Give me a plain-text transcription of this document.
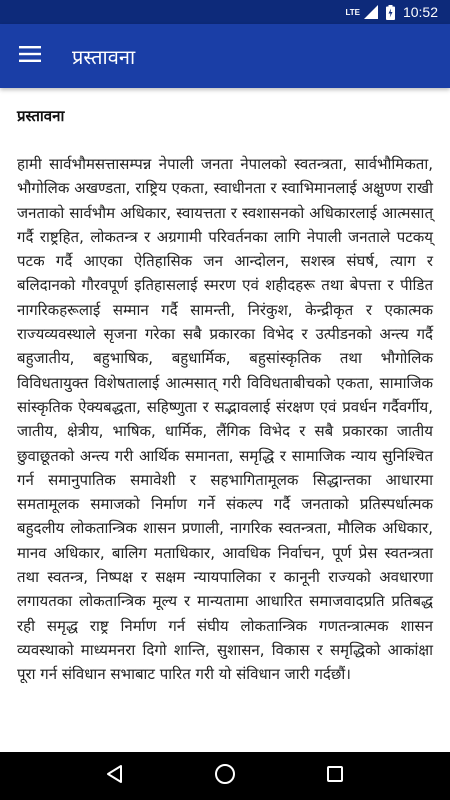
LTE	10:52
प्रस्तावना
प्रस्तावना

हामी सार्वभौमसत्तासम्पन्न नेपाली जनता नेपालको स्वतन्त्रता, सार्वभौमिकता, भौगोलिक अखण्डता, राष्ट्रिय एकता, स्वाधीनता र स्वाभिमानलाई अक्षुण्ण राखी जनताको सार्वभौम अधिकार, स्वायत्तता र स्वशासनको अधिकारलाई आत्मसात् गर्दै राष्ट्रहित, लोकतन्त्र र अग्रगामी परिवर्तनका लागि नेपाली जनताले पटकय्‌ पटक गर्दै आएका ऐतिहासिक जन आन्दोलन, सशस्त्र संघर्ष, त्याग र बलिदानको गौरवपूर्ण इतिहासलाई स्मरण एवं शहीदहरू तथा बेपत्ता र पीडित नागरिकहरूलाई सम्मान गर्दै सामन्ती, निरंकुश, केन्द्रीकृत र एकात्मक राज्यव्यवस्थाले सृजना गरेका सबै प्रकारका विभेद र उत्पीडनको अन्त्य गर्दै बहुजातीय, बहुभाषिक, बहुधार्मिक, बहुसांस्कृतिक तथा भौगोलिक विविधतायुक्त विशेषतालाई आत्मसात् गरी विविधताबीचको एकता, सामाजिक सांस्कृतिक ऐक्यबद्धता, सहिष्णुता र सद्भावलाई संरक्षण एवं प्रवर्धन गर्दैवर्गीय, जातीय, क्षेत्रीय, भाषिक, धार्मिक, लैंगिक विभेद र सबै प्रकारका जातीय छुवाछूतको अन्त्य गरी आर्थिक समानता, समृद्धि र सामाजिक न्याय सुनिश्चित गर्न समानुपातिक समावेशी र सहभागितामूलक सिद्धान्तका आधारमा समतामूलक समाजको निर्माण गर्ने संकल्प गर्दै जनताको प्रतिस्पर्धात्मक बहुदलीय लोकतान्त्रिक शासन प्रणाली, नागरिक स्वतन्त्रता, मौलिक अधिकार, मानव अधिकार, बालिग मताधिकार, आवधिक निर्वाचन, पूर्ण प्रेस स्वतन्त्रता तथा स्वतन्त्र, निष्पक्ष र सक्षम न्यायपालिका र कानूनी राज्यको अवधारणा लगायतका लोकतान्त्रिक मूल्य र मान्यतामा आधारित समाजवादप्रति प्रतिबद्ध रही समृद्ध राष्ट्र निर्माण गर्न संघीय लोकतान्त्रिक गणतन्त्रात्मक शासन व्यवस्थाको माध्यमनरा दिगो शान्ति, सुशासन, विकास र समृद्धिको आकांक्षा पूरा गर्न संविधान सभाबाट पारित गरी यो संविधान जारी गर्दछौं।
